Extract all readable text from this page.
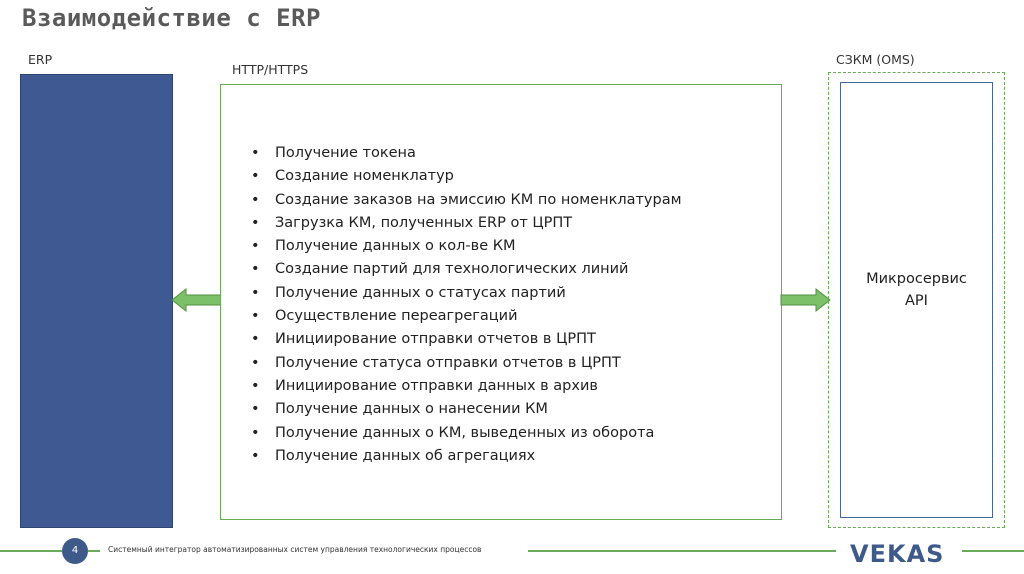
Взаимодействие с ERP
ERP
HTTP/HTTPS
СЗКМ (OMS)
• Получение токена
• Создание номенклатур
• Создание заказов на эмиссию КМ по номенклатурам
• Загрузка КМ, полученных ERP от ЦРПТ
• Получение данных о кол-ве КМ
• Создание партий для технологических линий
• Получение данных о статусах партий
• Осуществление переагрегаций
• Инициирование отправки отчетов в ЦРПТ
• Получение статуса отправки отчетов в ЦРПТ
• Инициирование отправки данных в архив
• Получение данных о нанесении КМ
• Получение данных о КМ, выведенных из оборота
• Получение данных об агрегациях
Микросервис
API
4	Системный интегратор автоматизированных систем управления технологических процессов	VEKAS
